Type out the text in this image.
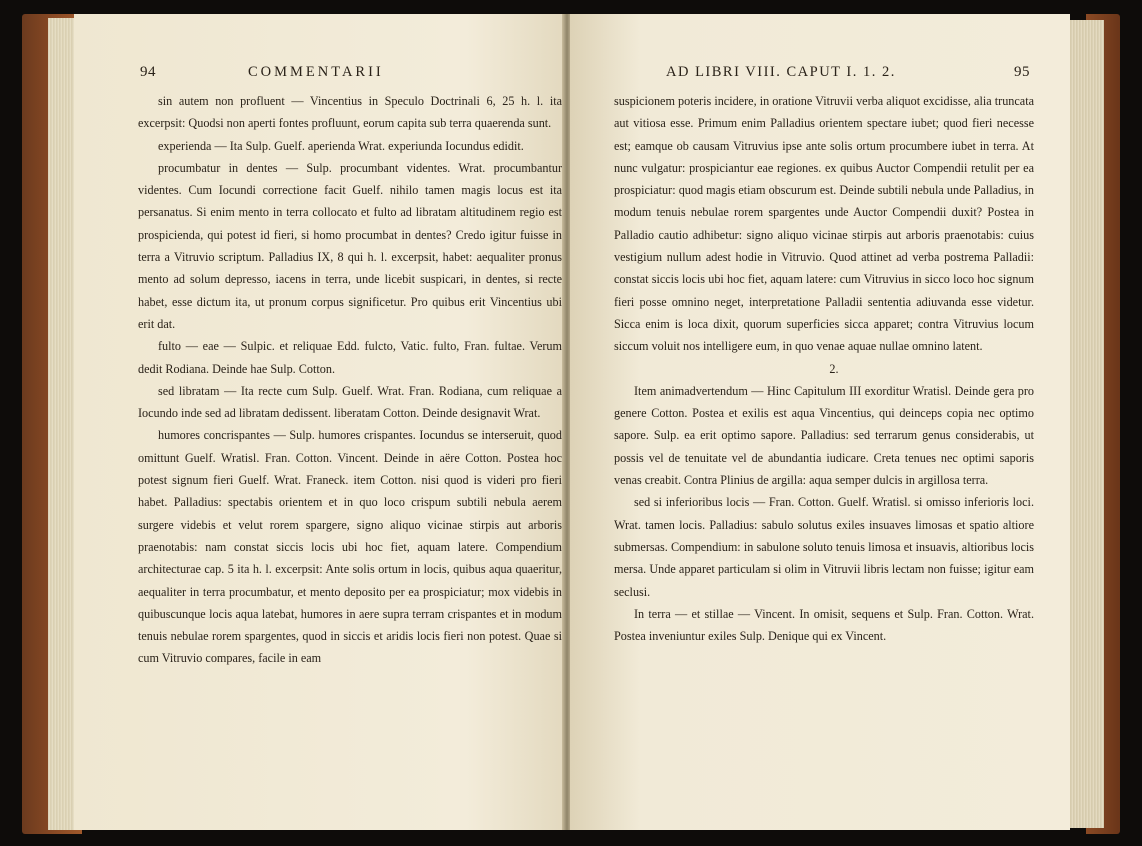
94	COMMENTARII

sin autem non profluent — Vincentius in Speculo Doctrinali 6, 25 h. l. ita excerpsit: Quodsi non aperti fontes profluunt, eorum capita sub terra quaerenda sunt.

experienda — Ita Sulp. Guelf. aperienda Wrat. experiunda Iocundus edidit.

procumbatur in dentes — Sulp. procumbant videntes. Wrat. procumbantur videntes. Cum Iocundi correctione facit Guelf. nihilo tamen magis locus est ita persanatus. Si enim mento in terra collocato et fulto ad libratam altitudinem regio est prospicienda, qui potest id fieri, si homo procumbat in dentes? Credo igitur fuisse in terra a Vitruvio scriptum. Palladius IX, 8 qui h. l. excerpsit, habet: aequaliter pronus mento ad solum depresso, iacens in terra, unde licebit suspicari, in dentes, si recte habet, esse dictum ita, ut pronum corpus significetur. Pro quibus erit Vincentius ubi erit dat.

fulto — eae — Sulpic. et reliquae Edd. fulcto, Vatic. fulto, Fran. fultae. Verum dedit Rodiana. Deinde hae Sulp. Cotton.

sed libratam — Ita recte cum Sulp. Guelf. Wrat. Fran. Rodiana, cum reliquae a Iocundo inde sed ad libratam dedissent. liberatam Cotton. Deinde designavit Wrat.

humores concrispantes — Sulp. humores crispantes. Iocundus se interseruit, quod omittunt Guelf. Wratisl. Fran. Cotton. Vincent. Deinde in aëre Cotton. Postea hoc potest signum fieri Guelf. Wrat. Franeck. item Cotton. nisi quod is videri pro fieri habet. Palladius: spectabis orientem et in quo loco crispum subtili nebula aerem surgere videbis et velut rorem spargere, signo aliquo vicinae stirpis aut arboris praenotabis: nam constat siccis locis ubi hoc fiet, aquam latere. Compendium architecturae cap. 5 ita h. l. excerpsit: Ante solis ortum in locis, quibus aqua quaeritur, aequaliter in terra procumbatur, et mento deposito per ea prospiciatur; mox videbis in quibuscunque locis aqua latebat, humores in aere supra terram crispantes et in modum tenuis nebulae rorem spargentes, quod in siccis et aridis locis fieri non potest. Quae si cum Vitruvio compares, facile in eam

AD LIBRI VIII. CAPUT I. 1. 2.	95

suspicionem poteris incidere, in oratione Vitruvii verba aliquot excidisse, alia truncata aut vitiosa esse. Primum enim Palladius orientem spectare iubet; quod fieri necesse est; eamque ob causam Vitruvius ipse ante solis ortum procumbere iubet in terra. At nunc vulgatur: prospiciantur eae regiones. ex quibus Auctor Compendii retulit per ea prospiciatur: quod magis etiam obscurum est. Deinde subtili nebula unde Palladius, in modum tenuis nebulae rorem spargentes unde Auctor Compendii duxit? Postea in Palladio cautio adhibetur: signo aliquo vicinae stirpis aut arboris praenotabis: cuius vestigium nullum adest hodie in Vitruvio. Quod attinet ad verba postrema Palladii: constat siccis locis ubi hoc fiet, aquam latere: cum Vitruvius in sicco loco hoc signum fieri posse omnino neget, interpretatione Palladii sententia adiuvanda esse videtur. Sicca enim is loca dixit, quorum superficies sicca apparet; contra Vitruvius locum siccum voluit nos intelligere eum, in quo venae aquae nullae omnino latent.

2.

Item animadvertendum — Hinc Capitulum III exorditur Wratisl. Deinde gera pro genere Cotton. Postea et exilis est aqua Vincentius, qui deinceps copia nec optimo sapore. Sulp. ea erit optimo sapore. Palladius: sed terrarum genus considerabis, ut possis vel de tenuitate vel de abundantia iudicare. Creta tenues nec optimi saporis venas creabit. Contra Plinius de argilla: aqua semper dulcis in argillosa terra.

sed si inferioribus locis — Fran. Cotton. Guelf. Wratisl. si omisso inferioris loci. Wrat. tamen locis. Palladius: sabulo solutus exiles insuaves limosas et spatio altiore submersas. Compendium: in sabulone soluto tenuis limosa et insuavis, altioribus locis mersa. Unde apparet particulam si olim in Vitruvii libris lectam non fuisse; igitur eam seclusi.

In terra — et stillae — Vincent. In omisit, sequens et Sulp. Fran. Cotton. Wrat. Postea inveniuntur exiles Sulp. Denique qui ex Vincent.
